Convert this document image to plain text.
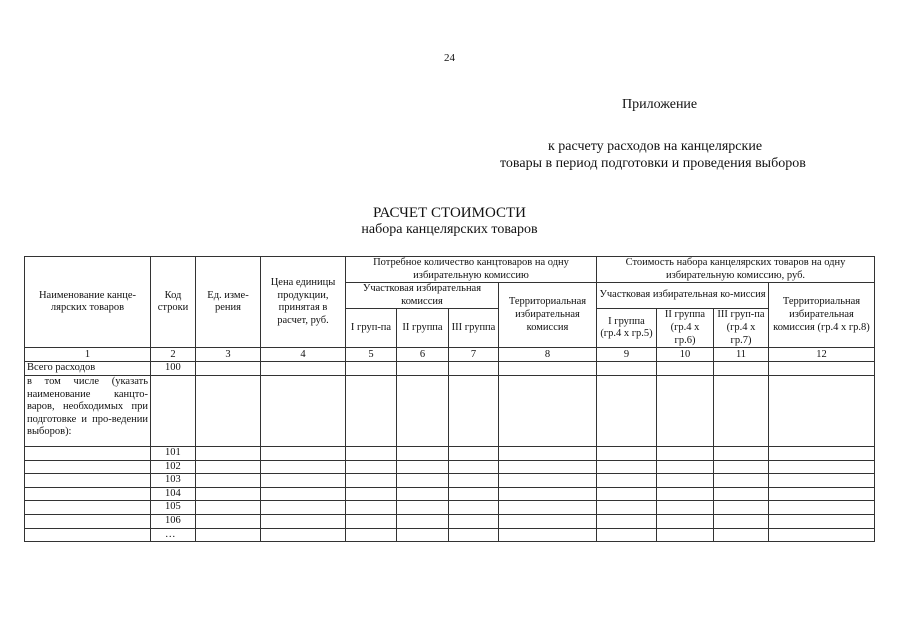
24
Приложение
к расчету расходов на канцелярские
товары в период подготовки и проведения выборов
РАСЧЕТ СТОИМОСТИ
набора канцелярских товаров
Наименование канце-лярских товаров	Код строки	Ед. изме-рения	Цена единицы продукции, принятая в расчет, руб.	Потребное количество канцтоваров на одну избирательную комиссию				Стоимость набора канцелярских товаров на одну избирательную комиссию, руб.			
				Участковая избирательная комиссия			Территориальная избирательная комиссия	Участковая избирательная ко-миссия			Территориальная избирательная комиссия (гр.4 х гр.8)
				I груп-па	II группа	III группа		I группа (гр.4 х гр.5)	II группа (гр.4 х гр.6)	III груп-па (гр.4 х гр.7)	
1	2	3	4	5	6	7	8	9	10	11	12
Всего расходов	100										
в том числе (указать наименование канцто-варов, необходимых при подготовке и про-ведении выборов):											
	101										
	102										
	103										
	104										
	105										
	106										
	…										
